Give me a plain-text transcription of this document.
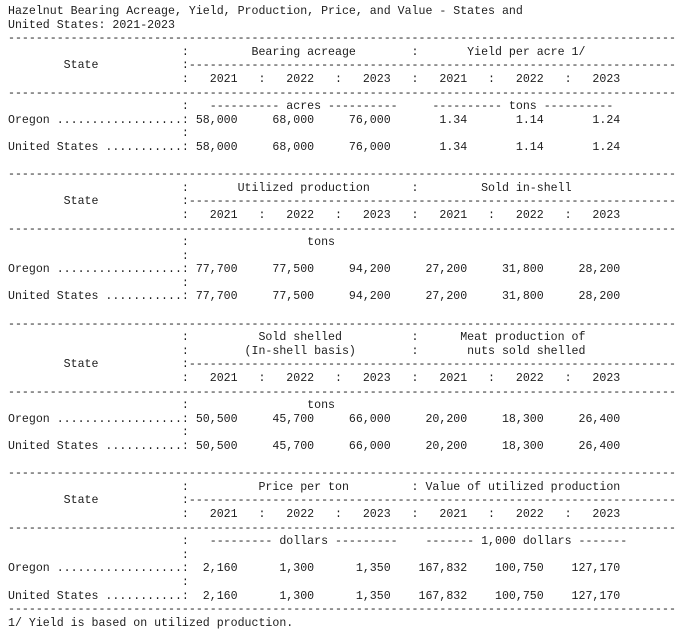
Hazelnut Bearing Acreage, Yield, Production, Price, and Value - States and
United States: 2021-2023
------------------------------------------------------------------------------------------------
:         Bearing acreage        :       Yield per acre 1/
State            :----------------------------------------------------------------------
:   2021   :   2022   :   2023   :   2021   :   2022   :   2023
------------------------------------------------------------------------------------------------
:   ---------- acres ----------     ---------- tons ----------
Oregon ..................: 58,000     68,000     76,000       1.34       1.14       1.24
:
United States ...........: 58,000     68,000     76,000       1.34       1.14       1.24

------------------------------------------------------------------------------------------------
:       Utilized production      :         Sold in-shell
State            :----------------------------------------------------------------------
:   2021   :   2022   :   2023   :   2021   :   2022   :   2023
------------------------------------------------------------------------------------------------
:                 tons
:
Oregon ..................: 77,700     77,500     94,200     27,200     31,800     28,200
:
United States ...........: 77,700     77,500     94,200     27,200     31,800     28,200

------------------------------------------------------------------------------------------------
:          Sold shelled          :      Meat production of
:        (In-shell basis)        :       nuts sold shelled
State            :----------------------------------------------------------------------
:   2021   :   2022   :   2023   :   2021   :   2022   :   2023
------------------------------------------------------------------------------------------------
:                 tons
Oregon ..................: 50,500     45,700     66,000     20,200     18,300     26,400
:
United States ...........: 50,500     45,700     66,000     20,200     18,300     26,400

------------------------------------------------------------------------------------------------
:          Price per ton         : Value of utilized production
State            :----------------------------------------------------------------------
:   2021   :   2022   :   2023   :   2021   :   2022   :   2023
------------------------------------------------------------------------------------------------
:   --------- dollars ---------    ------- 1,000 dollars -------
:
Oregon ..................:  2,160      1,300      1,350    167,832    100,750    127,170
:
United States ...........:  2,160      1,300      1,350    167,832    100,750    127,170
------------------------------------------------------------------------------------------------
1/ Yield is based on utilized production.
